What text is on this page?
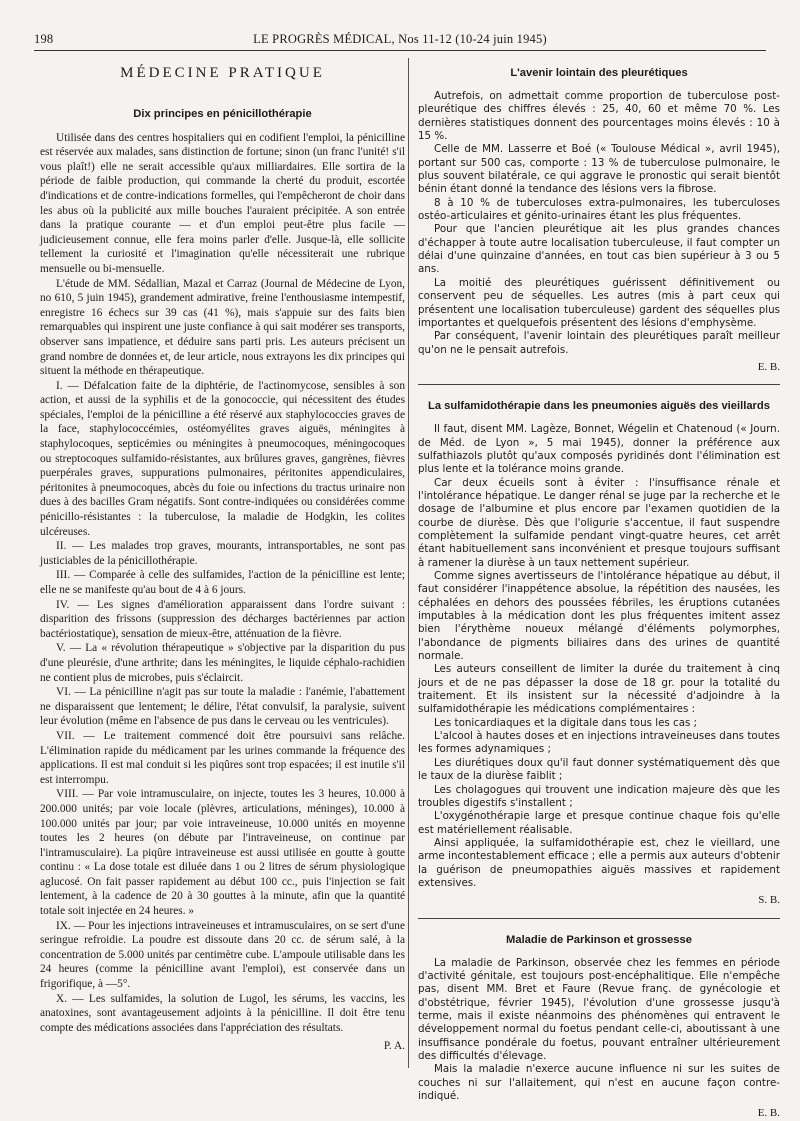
198	LE PROGRÈS MÉDICAL, Nos 11-12 (10-24 juin 1945)
MÉDECINE PRATIQUE
Dix principes en pénicillothérapie

Utilisée dans des centres hospitaliers qui en codifient l'emploi, la pénicilline est réservée aux malades, sans distinction de fortune; sinon (un franc l'unité! s'il vous plaît!) elle ne serait accessible qu'aux milliardaires. Elle sortira de la période de faible production, qui commande la cherté du produit, escortée d'indications et de contre-indications formelles, qui l'empêcheront de choir dans les abus où la publicité aux mille bouches l'auraient précipitée. A son entrée dans la pratique courante — et d'un emploi peut-être plus facile — judicieusement connue, elle fera moins parler d'elle. Jusque-là, elle sollicite tellement la curiosité et l'imagination qu'elle nécessiterait une rubrique mensuelle ou bi-mensuelle.

L'étude de MM. Sédallian, Mazal et Carraz (Journal de Médecine de Lyon, no 610, 5 juin 1945), grandement admirative, freine l'enthousiasme intempestif, enregistre 16 échecs sur 39 cas (41 %), mais s'appuie sur des faits bien remarquables qui inspirent une juste confiance à qui sait modérer ses transports, observer sans impatience, et déduire sans parti pris. Les auteurs précisent un grand nombre de données et, de leur article, nous extrayons les dix principes qui situent la méthode en thérapeutique.

I. — Défalcation faite de la diphtérie, de l'actinomycose, sensibles à son action, et aussi de la syphilis et de la gonococcie, qui nécessitent des études spéciales, l'emploi de la pénicilline a été réservé aux staphylococcies graves de la face, staphylococcémies, ostéomyélites graves aiguës, méningites à staphylocoques, septicémies ou méningites à pneumocoques, méningocoques ou streptocoques sulfamido-résistantes, aux brûlures graves, gangrènes, fièvres puerpérales graves, suppurations pulmonaires, péritonites appendiculaires, péritonites à pneumocoques, abcès du foie ou infections du tractus urinaire non dues à des bacilles Gram négatifs. Sont contre-indiquées ou considérées comme pénicillo-résistantes : la tuberculose, la maladie de Hodgkin, les colites ulcéreuses.

II. — Les malades trop graves, mourants, intransportables, ne sont pas justiciables de la pénicillothérapie.

III. — Comparée à celle des sulfamides, l'action de la pénicilline est lente; elle ne se manifeste qu'au bout de 4 à 6 jours.

IV. — Les signes d'amélioration apparaissent dans l'ordre suivant : disparition des frissons (suppression des décharges bactériennes par action bactériostatique), sensation de mieux-être, atténuation de la fièvre.

V. — La « révolution thérapeutique » s'objective par la disparition du pus d'une pleurésie, d'une arthrite; dans les méningites, le liquide céphalo-rachidien ne contient plus de microbes, puis s'éclaircit.

VI. — La pénicilline n'agit pas sur toute la maladie : l'anémie, l'abattement ne disparaissent que lentement; le délire, l'état convulsif, la paralysie, suivent leur évolution (même en l'absence de pus dans le cerveau ou les ventricules).

VII. — Le traitement commencé doit être poursuivi sans relâche. L'élimination rapide du médicament par les urines commande la fréquence des applications. Il est mal conduit si les piqûres sont trop espacées; il est inutile s'il est interrompu.

VIII. — Par voie intramusculaire, on injecte, toutes les 3 heures, 10.000 à 200.000 unités; par voie locale (plèvres, articulations, méninges), 10.000 à 100.000 unités par jour; par voie intraveineuse, 10.000 unités en moyenne toutes les 2 heures (on débute par l'intraveineuse, on continue par l'intramusculaire). La piqûre intraveineuse est aussi utilisée en goutte à goutte continu : « La dose totale est diluée dans 1 ou 2 litres de sérum physiologique aglucosé. On fait passer rapidement au début 100 cc., puis l'injection se fait lentement, à la cadence de 20 à 30 gouttes à la minute, afin que la quantité totale soit injectée en 24 heures. »

IX. — Pour les injections intraveineuses et intramusculaires, on se sert d'une seringue refroidie. La poudre est dissoute dans 20 cc. de sérum salé, à la concentration de 5.000 unités par centimètre cube. L'ampoule utilisable dans les 24 heures (comme la pénicilline avant l'emploi), est conservée dans un frigorifique, à —5°.

X. — Les sulfamides, la solution de Lugol, les sérums, les vaccins, les anatoxines, sont avantageusement adjoints à la pénicilline. Il doit être tenu compte des médications associées dans l'appréciation des résultats.

P. A.

L'avenir lointain des pleurétiques

Autrefois, on admettait comme proportion de tuberculose post-pleurétique des chiffres élevés : 25, 40, 60 et même 70 %. Les dernières statistiques donnent des pourcentages moins élevés : 10 à 15 %.

Celle de MM. Lasserre et Boé (« Toulouse Médical », avril 1945), portant sur 500 cas, comporte : 13 % de tuberculose pulmonaire, le plus souvent bilatérale, ce qui aggrave le pronostic qui serait bientôt bénin étant donné la tendance des lésions vers la fibrose.

8 à 10 % de tuberculoses extra-pulmonaires, les tuberculoses ostéo-articulaires et génito-urinaires étant les plus fréquentes.

Pour que l'ancien pleurétique ait les plus grandes chances d'échapper à toute autre localisation tuberculeuse, il faut compter un délai d'une quinzaine d'années, en tout cas bien supérieur à 3 ou 5 ans.

La moitié des pleurétiques guérissent définitivement ou conservent peu de séquelles. Les autres (mis à part ceux qui présentent une localisation tuberculeuse) gardent des séquelles plus importantes et quelquefois présentent des lésions d'emphysème.

Par conséquent, l'avenir lointain des pleurétiques paraît meilleur qu'on ne le pensait autrefois.

E. B.

La sulfamidothérapie dans les pneumonies aiguës des vieillards

Il faut, disent MM. Lagèze, Bonnet, Wégelin et Chatenoud (« Journ. de Méd. de Lyon », 5 mai 1945), donner la préférence aux sulfathiazols plutôt qu'aux composés pyridinés dont l'élimination est plus lente et la tolérance moins grande.

Car deux écueils sont à éviter : l'insuffisance rénale et l'intolérance hépatique. Le danger rénal se juge par la recherche et le dosage de l'albumine et plus encore par l'examen quotidien de la courbe de diurèse. Dès que l'oligurie s'accentue, il faut suspendre complètement la sulfamide pendant vingt-quatre heures, cet arrêt étant habituellement sans inconvénient et presque toujours suffisant à ramener la diurèse à un taux nettement supérieur.

Comme signes avertisseurs de l'intolérance hépatique au début, il faut considérer l'inappétence absolue, la répétition des nausées, les céphalées en dehors des poussées fébriles, les éruptions cutanées imputables à la médication dont les plus fréquentes imitent assez bien l'érythème noueux mélangé d'éléments polymorphes, l'abondance de pigments biliaires dans des urines de quantité normale.

Les auteurs conseillent de limiter la durée du traitement à cinq jours et de ne pas dépasser la dose de 18 gr. pour la totalité du traitement. Et ils insistent sur la nécessité d'adjoindre à la sulfamidothérapie les médications complémentaires :

Les tonicardiaques et la digitale dans tous les cas ;

L'alcool à hautes doses et en injections intraveineuses dans toutes les formes adynamiques ;

Les diurétiques doux qu'il faut donner systématiquement dès que le taux de la diurèse faiblit ;

Les cholagogues qui trouvent une indication majeure dès que les troubles digestifs s'installent ;

L'oxygénothérapie large et presque continue chaque fois qu'elle est matériellement réalisable.

Ainsi appliquée, la sulfamidothérapie est, chez le vieillard, une arme incontestablement efficace ; elle a permis aux auteurs d'obtenir la guérison de pneumopathies aiguës massives et rapidement extensives.

S. B.

Maladie de Parkinson et grossesse

La maladie de Parkinson, observée chez les femmes en période d'activité génitale, est toujours post-encéphalitique. Elle n'empêche pas, disent MM. Bret et Faure (Revue franç. de gynécologie et d'obstétrique, février 1945), l'évolution d'une grossesse jusqu'à terme, mais il existe néanmoins des phénomènes qui entravent le développement normal du foetus pendant celle-ci, aboutissant à une insuffisance pondérale du foetus, pouvant entraîner ultérieurement des difficultés d'élevage.

Mais la maladie n'exerce aucune influence ni sur les suites de couches ni sur l'allaitement, qui n'est en aucune façon contre-indiqué.

E. B.
